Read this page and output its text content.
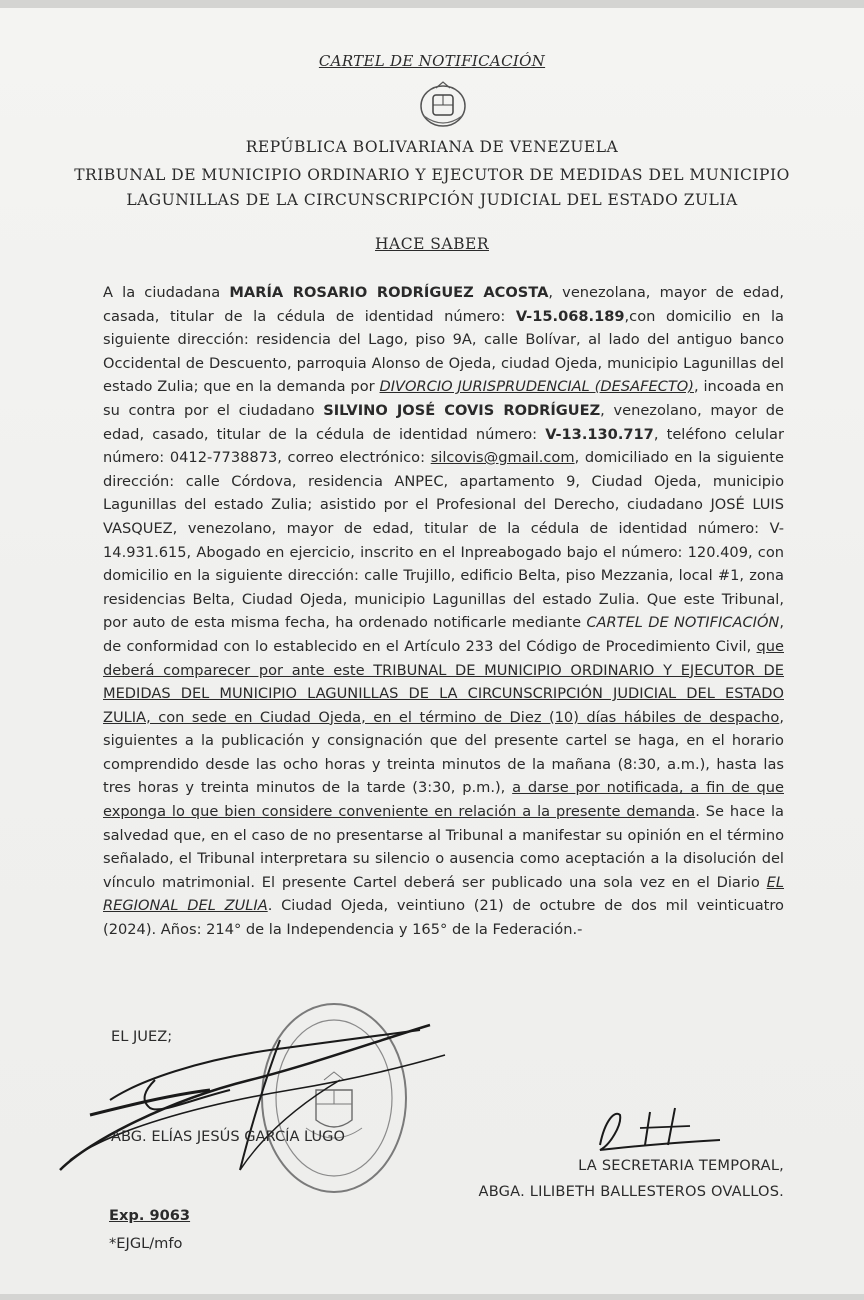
CARTEL DE NOTIFICACIÓN
REPÚBLICA BOLIVARIANA DE VENEZUELA
TRIBUNAL DE MUNICIPIO ORDINARIO Y EJECUTOR DE MEDIDAS DEL MUNICIPIO
LAGUNILLAS DE LA CIRCUNSCRIPCIÓN JUDICIAL DEL ESTADO ZULIA
HACE SABER
A la ciudadana MARÍA ROSARIO RODRÍGUEZ ACOSTA, venezolana, mayor de edad, casada, titular de la cédula de identidad número: V-15.068.189,con domicilio en la siguiente dirección: residencia del Lago, piso 9A, calle Bolívar, al lado del antiguo banco Occidental de Descuento, parroquia Alonso de Ojeda, ciudad Ojeda, municipio Lagunillas del estado Zulia; que en la demanda por DIVORCIO JURISPRUDENCIAL (DESAFECTO), incoada en su contra por el ciudadano SILVINO JOSÉ COVIS RODRÍGUEZ, venezolano, mayor de edad, casado, titular de la cédula de identidad número: V-13.130.717, teléfono celular número: 0412-7738873, correo electrónico: silcovis@gmail.com, domiciliado en la siguiente dirección: calle Córdova, residencia ANPEC, apartamento 9, Ciudad Ojeda, municipio Lagunillas del estado Zulia; asistido por el Profesional del Derecho, ciudadano JOSÉ LUIS VASQUEZ, venezolano, mayor de edad, titular de la cédula de identidad número: V-14.931.615, Abogado en ejercicio, inscrito en el Inpreabogado bajo el número: 120.409, con domicilio en la siguiente dirección: calle Trujillo, edificio Belta, piso Mezzania, local #1, zona residencias Belta, Ciudad Ojeda, municipio Lagunillas del estado Zulia. Que este Tribunal, por auto de esta misma fecha, ha ordenado notificarle mediante CARTEL DE NOTIFICACIÓN, de conformidad con lo establecido en el Artículo 233 del Código de Procedimiento Civil, que deberá comparecer por ante este TRIBUNAL DE MUNICIPIO ORDINARIO Y EJECUTOR DE MEDIDAS DEL MUNICIPIO LAGUNILLAS DE LA CIRCUNSCRIPCIÓN JUDICIAL DEL ESTADO ZULIA, con sede en Ciudad Ojeda, en el término de Diez (10) días hábiles de despacho, siguientes a la publicación y consignación que del presente cartel se haga, en el horario comprendido desde las ocho horas y treinta minutos de la mañana (8:30, a.m.), hasta las tres horas y treinta minutos de la tarde (3:30, p.m.), a darse por notificada, a fin de que exponga lo que bien considere conveniente en relación a la presente demanda. Se hace la salvedad que, en el caso de no presentarse al Tribunal a manifestar su opinión en el término señalado, el Tribunal interpretara su silencio o ausencia como aceptación a la disolución del vínculo matrimonial. El presente Cartel deberá ser publicado una sola vez en el Diario EL REGIONAL DEL ZULIA. Ciudad Ojeda, veintiuno (21) de octubre de dos mil veinticuatro (2024). Años: 214° de la Independencia y 165° de la Federación.-
EL JUEZ;
ABG. ELÍAS JESÚS GARCÍA LUGO
LA SECRETARIA TEMPORAL,
ABGA. LILIBETH BALLESTEROS OVALLOS.
Exp. 9063
*EJGL/mfo
